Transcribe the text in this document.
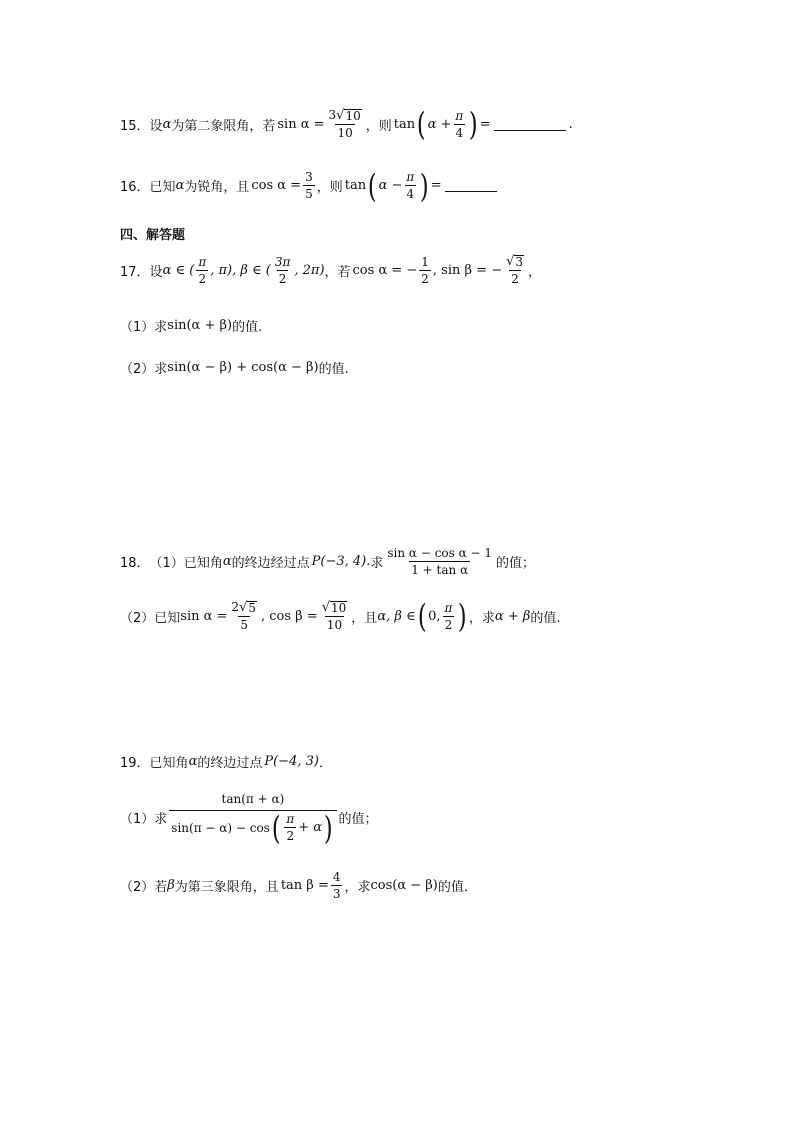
15． 设 α 为第二象限角，若 $\sin \alpha = \frac{3 √ 10}{10}$ ，则 tan ( $\alpha + \frac{\pi}{4}$ ) =	.
16． 已知 α 为锐角，且 $\cos \alpha = \frac{3}{5}$ ，则 tan ( $\alpha - \frac{\pi}{4}$ ) =
四、解答题
17． 设 α ∈ ( $\frac{\pi}{2}$ , π), β ∈ ( $\frac{3\pi}{2}$ , 2π) ，若 cos α = − $\frac{1}{2}$ , sin β = − $\frac{√ 3}{2}$ ，
（1）求 sin(α + β) 的值.
（2）求 sin(α − β) + cos(α − β) 的值.
18． （1）已知角 α 的终边经过点 P(−3, 4). 求 $\frac{\text{sin α − cos α − 1}}{\text{1 + tan α}}$ 的值；
（2）已知 $\sin \alpha = \frac{2 √ 5}{5}$ , $\cos \beta = \frac{√ 10}{10}$ ，且 α, β ∈ ( 0, $\frac{\pi}{2}$ ) ，求 α + β 的值.
19． 已知角 α 的终边过点 P(−4, 3) ．
（1）求 $\frac{\tan(\pi + \alpha)}{\sin(\pi - \alpha) - \cos ( \frac{\pi}{2} + \alpha )}$ 的值；
（2）若 β 为第三象限角，且 $\tan \beta = \frac{4}{3}$ ，求 cos(α − β) 的值．
